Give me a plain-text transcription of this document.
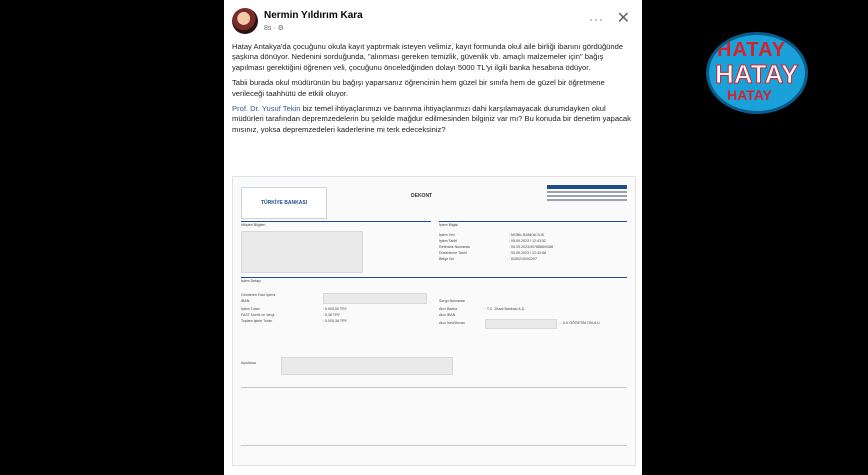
Nermin Yıldırım Kara
8s · ⚙
··· ✕

Hatay Antakya'da çocuğunu okula kayıt yaptırmak isteyen velimiz, kayıt formunda okul aile birliği ibanını gördüğünde şaşkına dönüyor. Nedenini sorduğunda, "alınması gereken temizlik, güvenlik vb. amaçlı malzemeler için" bağış yapılması gerektiğini öğrenen veli, çocuğunu önceledğinden dolayı 5000 TL'yi ilgili banka hesabına ödüyor.

Tabii burada okul müdürünün bu bağışı yaparsanız öğrencinin hem güzel bir sınıfa hem de güzel bir öğretmene verileceği taahhütü de etkili oluyor.

Prof. Dr. Yusuf Tekin biz temel ihtiyaçlarımızı ve barınma ihtiyaçlarımızı dahi karşılamayacak durumdayken okul müdürleri tarafından depremzedelerin bu şekilde mağdur edilmesinden bilginiz var mı? Bu konuda bir denetim yapacak mısınız, yoksa depremzedeleri kaderlerine mi terk edeceksiniz?

TÜRKİYE BANKASI
DEKONT
Müşteri Bilgileri	İşlem Bilgisi
İşlem Yeri	: MOBİL BANKACILIK
İşlem Tarihi	: 05.09.2023 / 12:43:52
Referans Numarası	: 05.09.2023/4978888/0088
Düzenleme Tarihi	: 05.09.2023 / 12:43:58
Belge No	: 8150210002297
İşlem Detayı
Gönderen Fast İşlemi
IBAN
İşlem Tutarı	: 5.000,00 TRY
FAST Ücreti ve Vergi	: 5,36 TRY
Toplam İşlem Tutarı	: 5.005,36 TRY
Sorgu Numarası
Alıcı Banka	: T.C. Ziraat Bankası A.Ş.
Alıcı IBAN
Alıcı İsim/Unvan	... İLK ÖĞRETİM OKULU
Açıklama
HATAY
HATAY
HATAY
